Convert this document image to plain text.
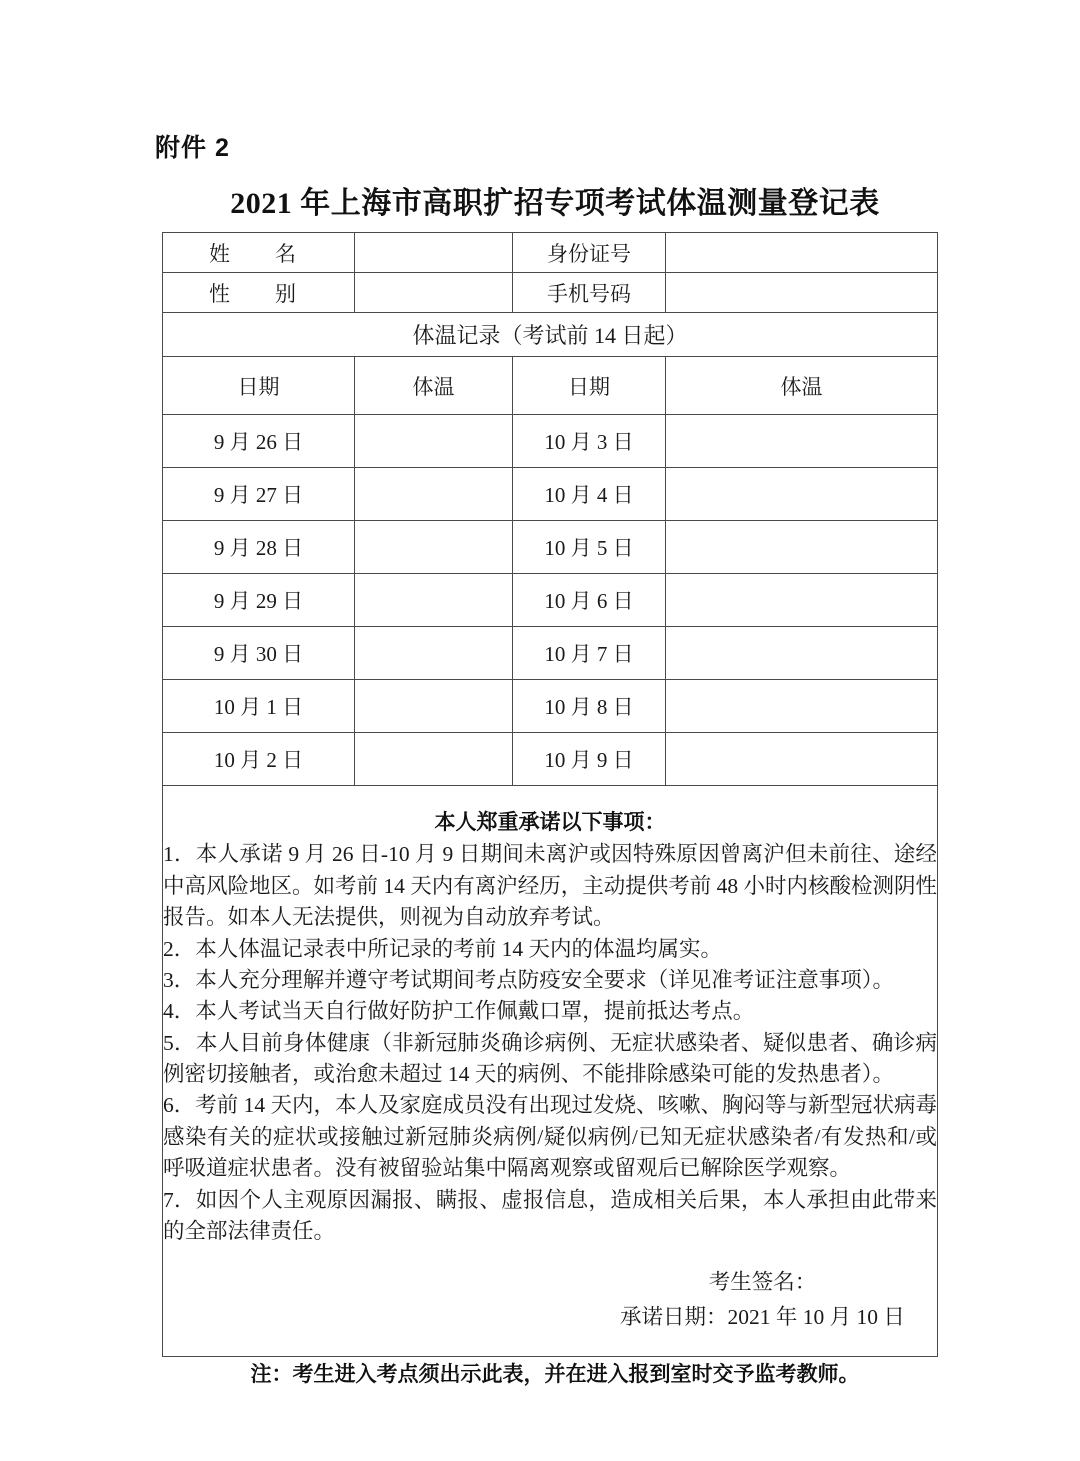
附件 2
2021 年上海市高职扩招专项考试体温测量登记表
姓　名		身份证号	
性　别		手机号码	
体温记录（考试前 14 日起）			
日期	体温	日期	体温
9 月 26 日		10 月 3 日	
9 月 27 日		10 月 4 日	
9 月 28 日		10 月 5 日	
9 月 29 日		10 月 6 日	
9 月 30 日		10 月 7 日	
10 月 1 日		10 月 8 日	
10 月 2 日		10 月 9 日	

本人郑重承诺以下事项：

1．本人承诺 9 月 26 日-10 月 9 日期间未离沪或因特殊原因曾离沪但未前往、途经中高风险地区。如考前 14 天内有离沪经历，主动提供考前 48 小时内核酸检测阴性报告。如本人无法提供，则视为自动放弃考试。

2．本人体温记录表中所记录的考前 14 天内的体温均属实。

3．本人充分理解并遵守考试期间考点防疫安全要求（详见准考证注意事项）。

4．本人考试当天自行做好防护工作佩戴口罩，提前抵达考点。

5．本人目前身体健康（非新冠肺炎确诊病例、无症状感染者、疑似患者、确诊病例密切接触者，或治愈未超过 14 天的病例、不能排除感染可能的发热患者）。

6．考前 14 天内，本人及家庭成员没有出现过发烧、咳嗽、胸闷等与新型冠状病毒感染有关的症状或接触过新冠肺炎病例/疑似病例/已知无症状感染者/有发热和/或呼吸道症状患者。没有被留验站集中隔离观察或留观后已解除医学观察。

7．如因个人主观原因漏报、瞒报、虚报信息，造成相关后果，本人承担由此带来的全部法律责任。

考生签名：
承诺日期：2021 年 10 月 10 日
注：考生进入考点须出示此表，并在进入报到室时交予监考教师。
